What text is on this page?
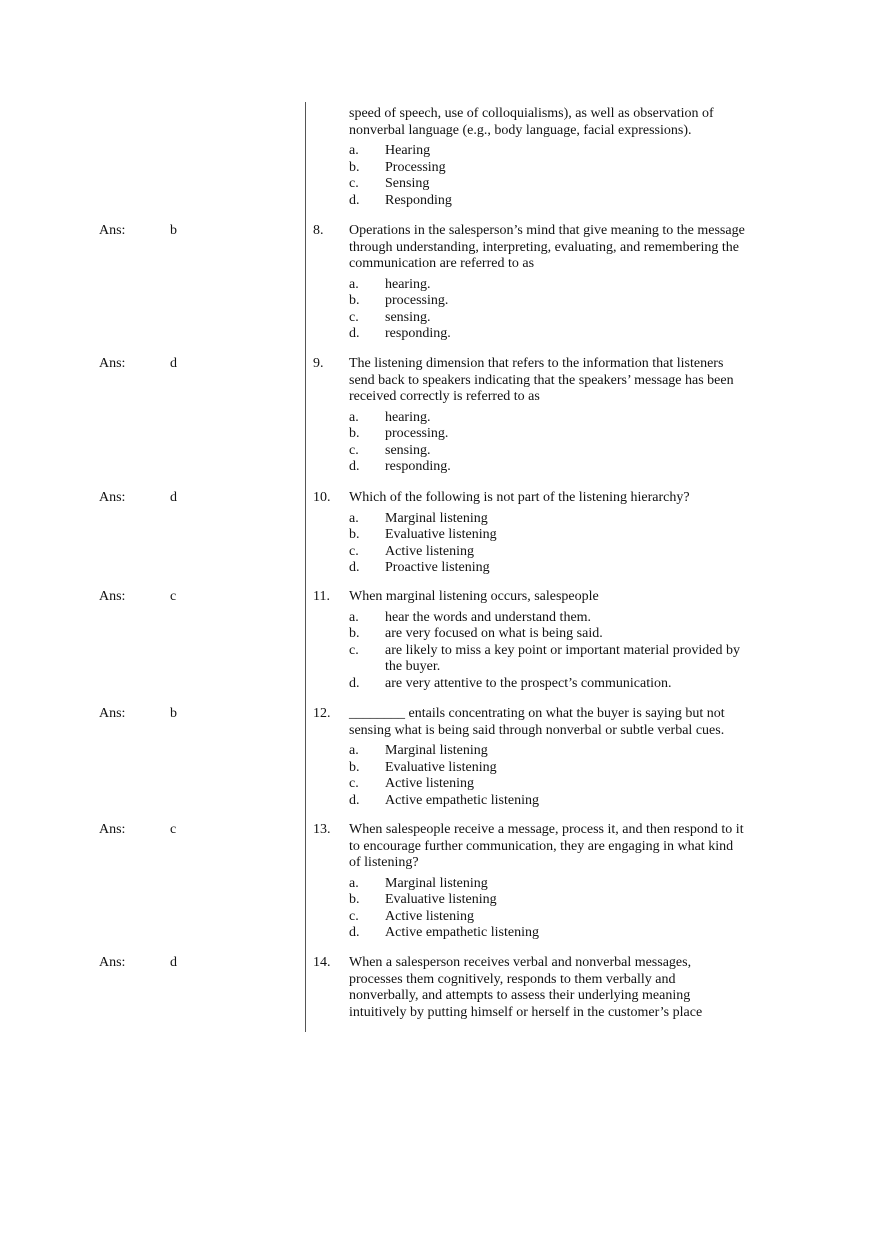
speed of speech, use of colloquialisms), as well as observation of nonverbal language (e.g., body language, facial expressions).

a.	Hearing
b.	Processing
c.	Sensing
d.	Responding
Ans:	b	8. Operations in the salesperson’s mind that give meaning to the message through understanding, interpreting, evaluating, and remembering the communication are referred to as

a.	hearing.
b.	processing.
c.	sensing.
d.	responding.
Ans:	d	9. The listening dimension that refers to the information that listeners send back to speakers indicating that the speakers’ message has been received correctly is referred to as

a.	hearing.
b.	processing.
c.	sensing.
d.	responding.
Ans:	d	10. Which of the following is not part of the listening hierarchy?

a.	Marginal listening
b.	Evaluative listening
c.	Active listening
d.	Proactive listening
Ans:	c	11. When marginal listening occurs, salespeople

a.	hear the words and understand them.
b.	are very focused on what is being said.
c.	are likely to miss a key point or important material provided by the buyer.
d.	are very attentive to the prospect’s communication.
Ans:	b	12. ________ entails concentrating on what the buyer is saying but not sensing what is being said through nonverbal or subtle verbal cues.

a.	Marginal listening
b.	Evaluative listening
c.	Active listening
d.	Active empathetic listening
Ans:	c	13. When salespeople receive a message, process it, and then respond to it to encourage further communication, they are engaging in what kind of listening?

a.	Marginal listening
b.	Evaluative listening
c.	Active listening
d.	Active empathetic listening
Ans:	d	14. When a salesperson receives verbal and nonverbal messages, processes them cognitively, responds to them verbally and nonverbally, and attempts to assess their underlying meaning intuitively by putting himself or herself in the customer’s place
